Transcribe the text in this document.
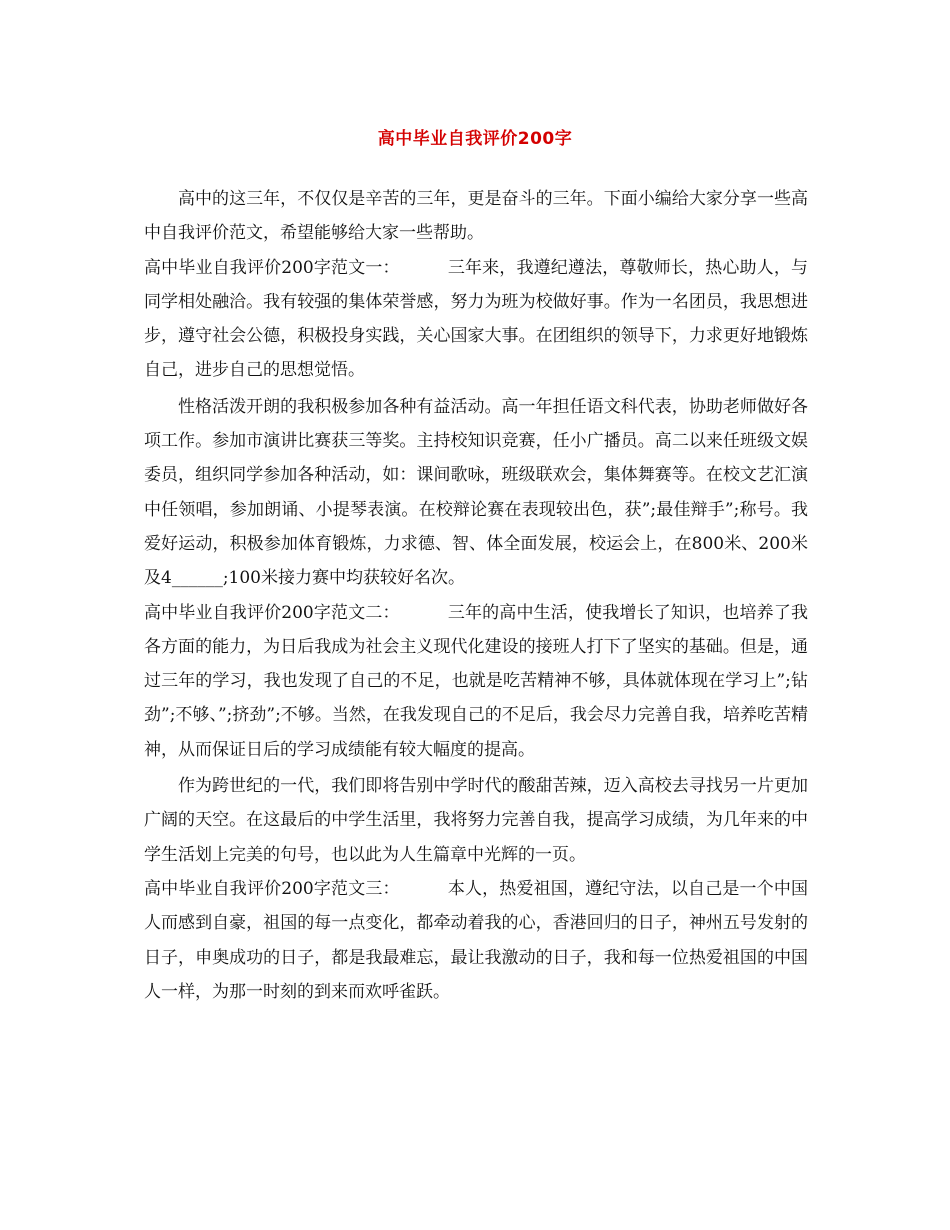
高中毕业自我评价200字

高中的这三年，不仅仅是辛苦的三年，更是奋斗的三年。下面小编给大家分享一些高中自我评价范文，希望能够给大家一些帮助。

高中毕业自我评价200字范文一：	三年来，我遵纪遵法，尊敬师长，热心助人，与同学相处融洽。我有较强的集体荣誉感，努力为班为校做好事。作为一名团员，我思想进步，遵守社会公德，积极投身实践，关心国家大事。在团组织的领导下，力求更好地锻炼自己，进步自己的思想觉悟。

性格活泼开朗的我积极参加各种有益活动。高一年担任语文科代表，协助老师做好各项工作。参加市演讲比赛获三等奖。主持校知识竞赛，任小广播员。高二以来任班级文娱委员，组织同学参加各种活动，如：课间歌咏，班级联欢会，集体舞赛等。在校文艺汇演中任领唱，参加朗诵、小提琴表演。在校辩论赛在表现较出色，获”;最佳辩手”;称号。我爱好运动，积极参加体育锻炼，力求德、智、体全面发展，校运会上，在800米、200米及4______;100米接力赛中均获较好名次。

高中毕业自我评价200字范文二：	三年的高中生活，使我增长了知识，也培养了我各方面的能力，为日后我成为社会主义现代化建设的接班人打下了坚实的基础。但是，通过三年的学习，我也发现了自己的不足，也就是吃苦精神不够，具体就体现在学习上”;钻劲”;不够、”;挤劲”;不够。当然，在我发现自己的不足后，我会尽力完善自我，培养吃苦精神，从而保证日后的学习成绩能有较大幅度的提高。

作为跨世纪的一代，我们即将告别中学时代的酸甜苦辣，迈入高校去寻找另一片更加广阔的天空。在这最后的中学生活里，我将努力完善自我，提高学习成绩，为几年来的中学生活划上完美的句号，也以此为人生篇章中光辉的一页。

高中毕业自我评价200字范文三：	本人，热爱祖国，遵纪守法，以自己是一个中国人而感到自豪，祖国的每一点变化，都牵动着我的心，香港回归的日子，神州五号发射的日子，申奥成功的日子，都是我最难忘，最让我激动的日子，我和每一位热爱祖国的中国人一样，为那一时刻的到来而欢呼雀跃。
